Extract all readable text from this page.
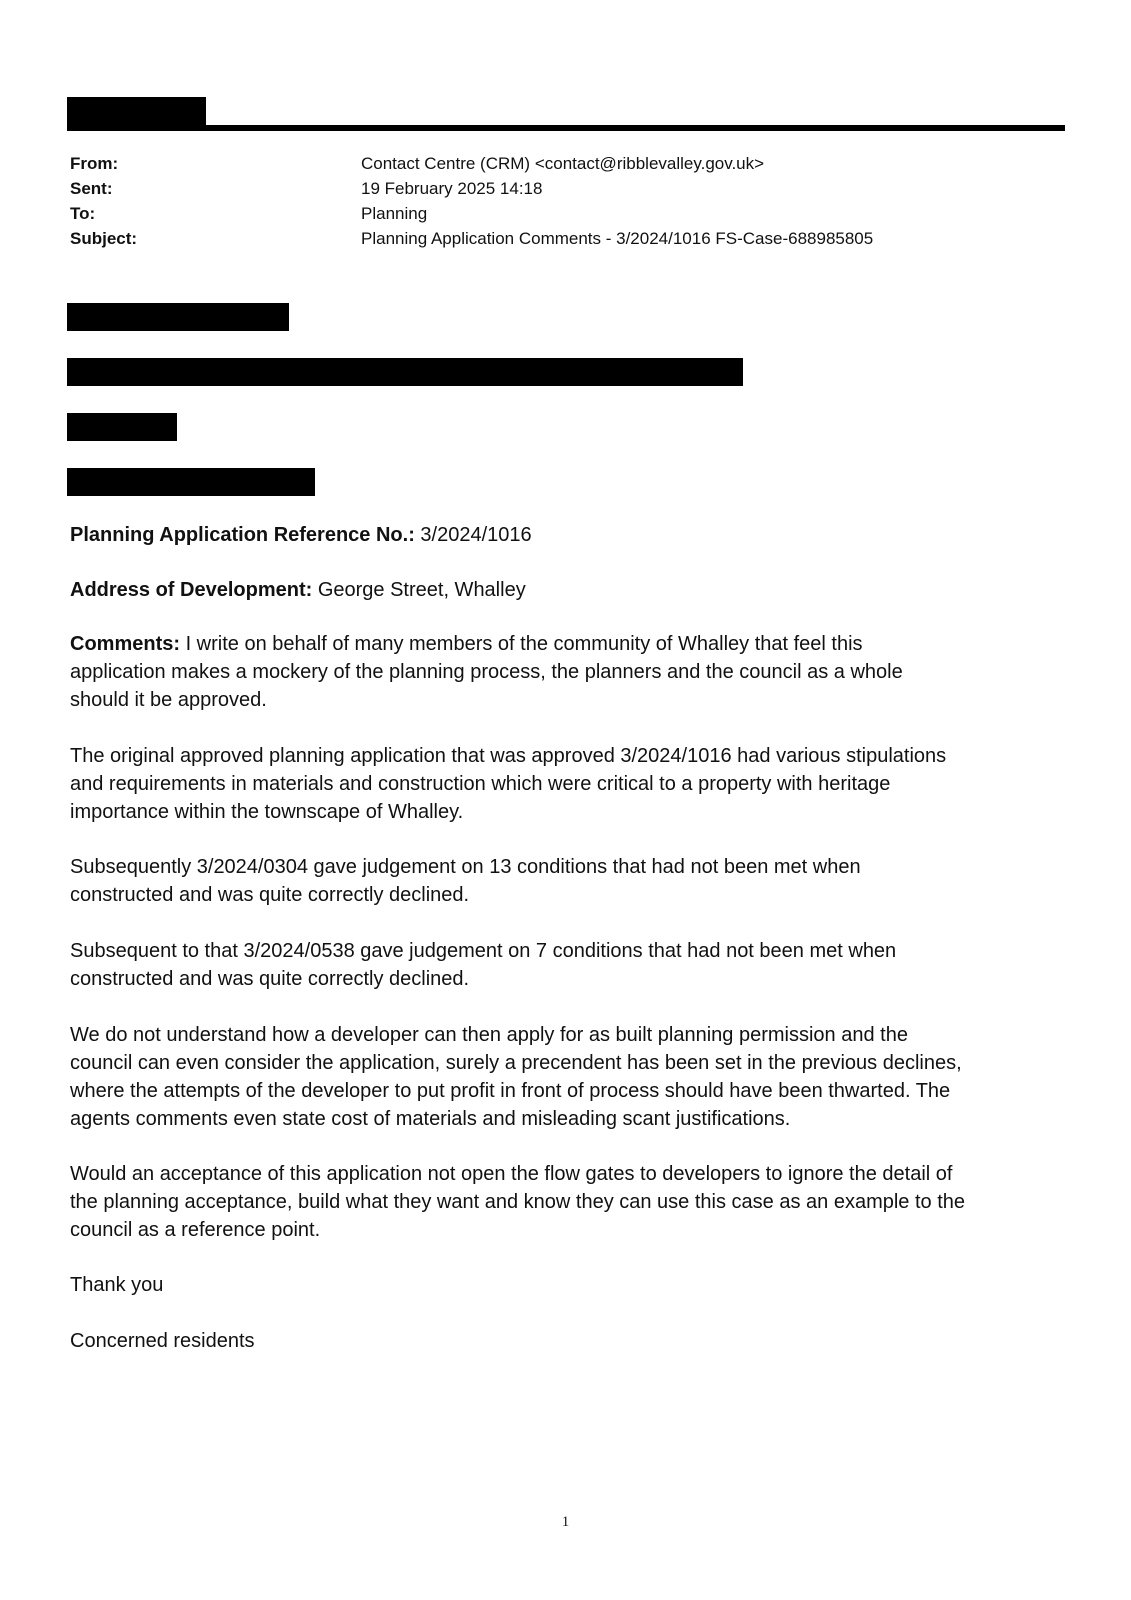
From:	Contact Centre (CRM) <contact@ribblevalley.gov.uk>
Sent:	19 February 2025 14:18
To:	Planning
Subject:	Planning Application Comments - 3/2024/1016 FS-Case-688985805

Planning Application Reference No.: 3/2024/1016

Address of Development: George Street, Whalley

Comments: I write on behalf of many members of the community of Whalley that feel this
application makes a mockery of the planning process, the planners and the council as a whole
should it be approved.

The original approved planning application that was approved 3/2024/1016 had various stipulations
and requirements in materials and construction which were critical to a property with heritage
importance within the townscape of Whalley.

Subsequently 3/2024/0304 gave judgement on 13 conditions that had not been met when
constructed and was quite correctly declined.

Subsequent to that 3/2024/0538 gave judgement on 7 conditions that had not been met when
constructed and was quite correctly declined.

We do not understand how a developer can then apply for as built planning permission and the
council can even consider the application, surely a precendent has been set in the previous declines,
where the attempts of the developer to put profit in front of process should have been thwarted. The
agents comments even state cost of materials and misleading scant justifications.

Would an acceptance of this application not open the flow gates to developers to ignore the detail of
the planning acceptance, build what they want and know they can use this case as an example to the
council as a reference point.

Thank you

Concerned residents

1
